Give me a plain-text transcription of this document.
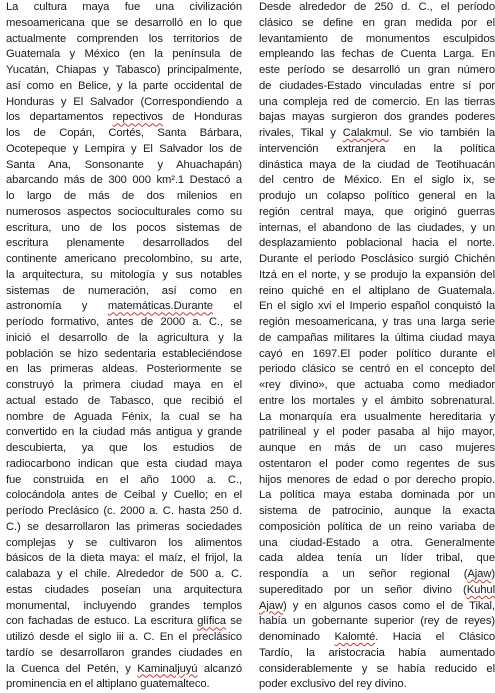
La cultura maya fue una civilización
mesoamericana que se desarrolló en lo que
actualmente comprenden los territorios de
Guatemala y México (en la península de
Yucatán, Chiapas y Tabasco) principalmente,
así como en Belice, y la parte occidental de
Honduras y El Salvador (Correspondiendo a
los departamentos repectivos de Honduras
los de Copán, Cortés, Santa Bárbara,
Ocotepeque y Lempira y El Salvador los de
Santa Ana, Sonsonante y Ahuachapán)
abarcando más de 300 000 km².1 Destacó a
lo largo de más de dos milenios en
numerosos aspectos socioculturales como su
escritura, uno de los pocos sistemas de
escritura plenamente desarrollados del
continente americano precolombino, su arte,
la arquitectura, su mitología y sus notables
sistemas de numeración, así como en
astronomía y matemáticas.Durante el
período formativo, antes de 2000 a. C., se
inició el desarrollo de la agricultura y la
población se hizo sedentaria estableciéndose
en las primeras aldeas. Posteriormente se
construyó la primera ciudad maya en el
actual estado de Tabasco, que recibió el
nombre de Aguada Fénix, la cual se ha
convertido en la ciudad más antigua y grande
descubierta, ya que los estudios de
radiocarbono indican que esta ciudad maya
fue construida en el año 1000 a. C.,
colocándola antes de Ceibal y Cuello; en el
período Preclásico (c. 2000 a. C. hasta 250 d.
C.) se desarrollaron las primeras sociedades
complejas y se cultivaron los alimentos
básicos de la dieta maya: el maíz, el frijol, la
calabaza y el chile. Alrededor de 500 a. C.
estas ciudades poseían una arquitectura
monumental, incluyendo grandes templos
con fachadas de estuco. La escritura glífica se
utilizó desde el siglo iii a. C. En el preclásico
tardío se desarrollaron grandes ciudades en
la Cuenca del Petén, y Kaminaljuyú alcanzó
prominencia en el altiplano guatemalteco.
Desde alrededor de 250 d. C., el período
clásico se define en gran medida por el
levantamiento de monumentos esculpidos
empleando las fechas de Cuenta Larga. En
este período se desarrolló un gran número
de ciudades-Estado vinculadas entre sí por
una compleja red de comercio. En las tierras
bajas mayas surgieron dos grandes poderes
rivales, Tikal y Calakmul. Se vio también la
intervención extranjera en la política
dinástica maya de la ciudad de Teotihuacán
del centro de México. En el siglo ix, se
produjo un colapso político general en la
región central maya, que originó guerras
internas, el abandono de las ciudades, y un
desplazamiento poblacional hacia el norte.
Durante el período Posclásico surgió Chichén
Itzá en el norte, y se produjo la expansión del
reino quiché en el altiplano de Guatemala.
En el siglo xvi el Imperio español conquistó la
región mesoamericana, y tras una larga serie
de campañas militares la última ciudad maya
cayó en 1697.El poder político durante el
periodo clásico se centró en el concepto del
«rey divino», que actuaba como mediador
entre los mortales y el ámbito sobrenatural.
La monarquía era usualmente hereditaria y
patrilineal y el poder pasaba al hijo mayor,
aunque en más de un caso mujeres
ostentaron el poder como regentes de sus
hijos menores de edad o por derecho propio.
La política maya estaba dominada por un
sistema de patrocinio, aunque la exacta
composición política de un reino variaba de
una ciudad-Estado a otra. Generalmente
cada aldea tenía un líder tribal, que
respondía a un señor regional (Ajaw)
supereditado por un señor divino (Kuhul
Ajaw) y en algunos casos como el de Tikal,
había un gobernante superior (rey de reyes)
denominado Kalomté. Hacia el Clásico
Tardío, la aristocracia había aumentado
considerablemente y se había reducido el
poder exclusivo del rey divino.
